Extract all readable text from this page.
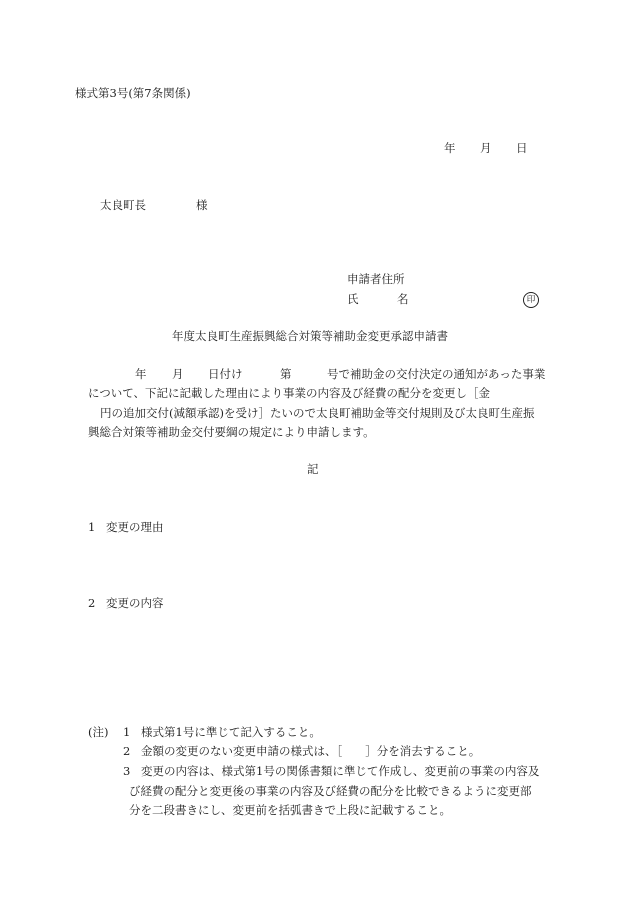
様式第3号(第7条関係)
年 月 日
太良町長	様
申請者住所
氏	名	印
年度太良町生産振興総合対策等補助金変更承認申請書
年 月 日付け	第	号で補助金の交付決定の通知があった事業
について、下記に記載した理由により事業の内容及び経費の配分を変更し［金
円の追加交付(減額承認)を受け］たいので太良町補助金等交付規則及び太良町生産振
興総合対策等補助金交付要綱の規定により申請します。
記
1 変更の理由
2 変更の内容
(注) 1 様式第1号に準じて記入すること。
2 金額の変更のない変更申請の様式は、［　　］分を消去すること。
3 変更の内容は、様式第1号の関係書類に準じて作成し、変更前の事業の内容及
び経費の配分と変更後の事業の内容及び経費の配分を比較できるように変更部
分を二段書きにし、変更前を括弧書きで上段に記載すること。
